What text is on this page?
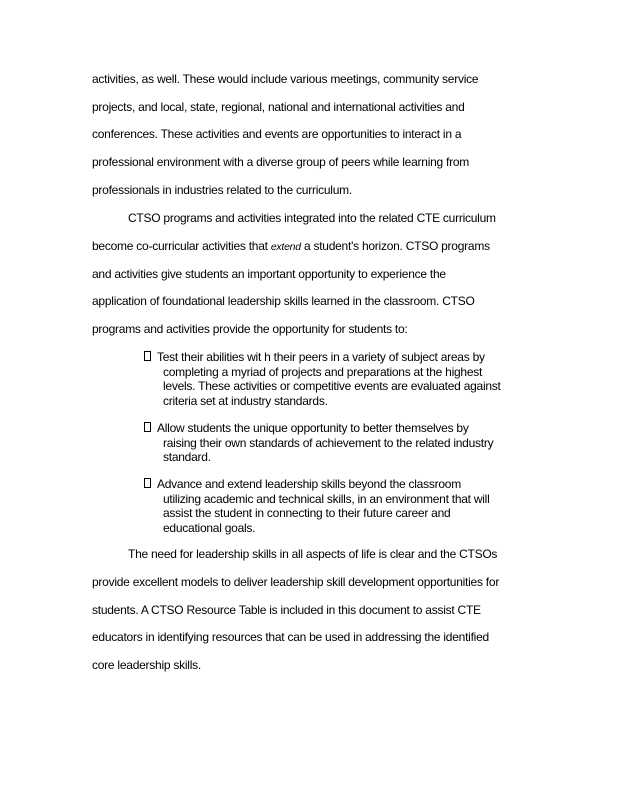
activities, as well. These would include various meetings, community service
projects, and local, state, regional, national and international activities and
conferences. These activities and events are opportunities to interact in a
professional environment with a diverse group of peers while learning from
professionals in industries related to the curriculum.
CTSO programs and activities integrated into the related CTE curriculum
become co-curricular activities that extend a student's horizon. CTSO programs
and activities give students an important opportunity to experience the
application of foundational leadership skills learned in the classroom. CTSO
programs and activities provide the opportunity for students to:
Test their abilities wit h their peers in a variety of subject areas by
completing a myriad of projects and preparations at the highest
levels. These activities or competitive events are evaluated against
criteria set at industry standards.
Allow students the unique opportunity to better themselves by
raising their own standards of achievement to the related industry
standard.
Advance and extend leadership skills beyond the classroom
utilizing academic and technical skills, in an environment that will
assist the student in connecting to their future career and
educational goals.
The need for leadership skills in all aspects of life is clear and the CTSOs
provide excellent models to deliver leadership skill development opportunities for
students. A CTSO Resource Table is included in this document to assist CTE
educators in identifying resources that can be used in addressing the identified
core leadership skills.
